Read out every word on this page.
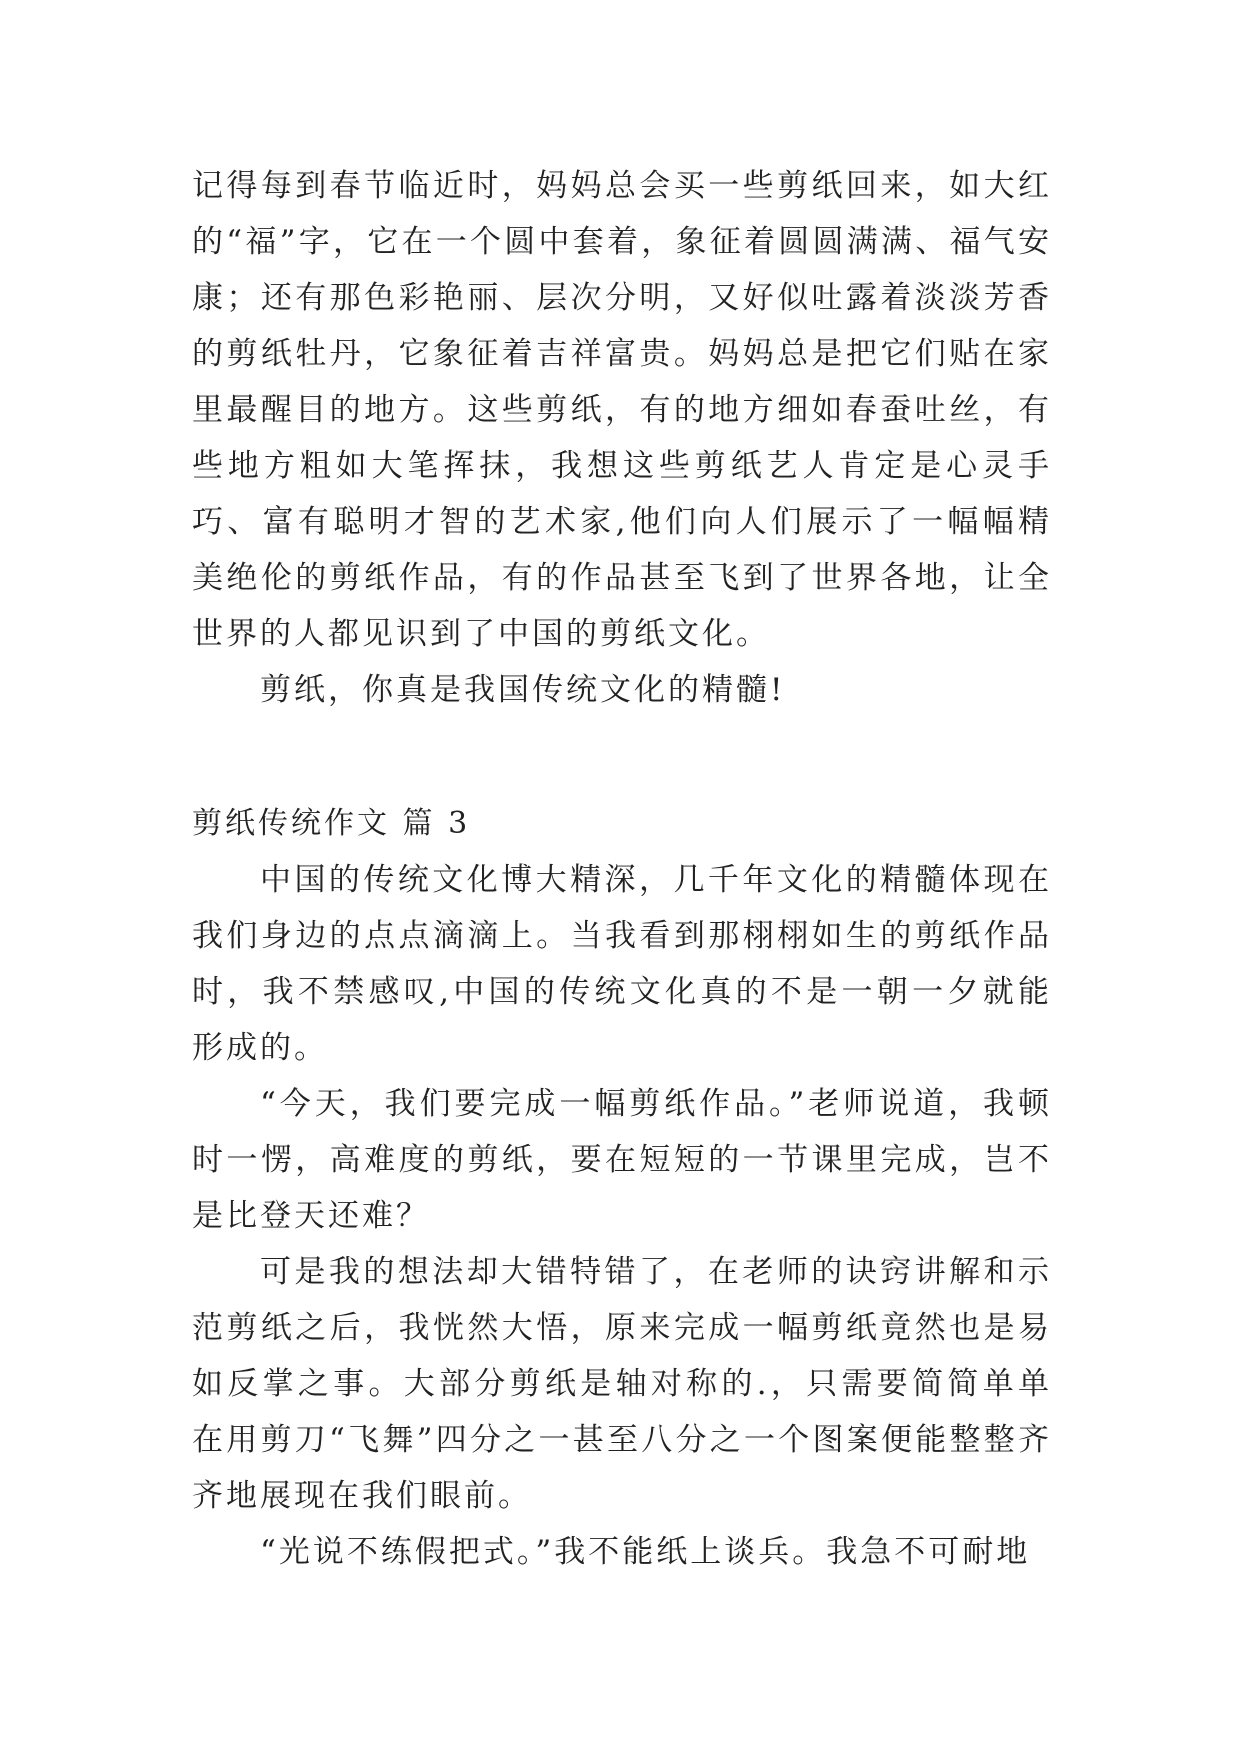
记得每到春节临近时，妈妈总会买一些剪纸回来，如大红的“福”字，它在一个圆中套着，象征着圆圆满满、福气安康；还有那色彩艳丽、层次分明，又好似吐露着淡淡芳香的剪纸牡丹，它象征着吉祥富贵。妈妈总是把它们贴在家里最醒目的地方。这些剪纸，有的地方细如春蚕吐丝，有些地方粗如大笔挥抹，我想这些剪纸艺人肯定是心灵手巧、富有聪明才智的艺术家,他们向人们展示了一幅幅精美绝伦的剪纸作品，有的作品甚至飞到了世界各地，让全世界的人都见识到了中国的剪纸文化。

剪纸，你真是我国传统文化的精髓!

剪纸传统作文 篇 3

中国的传统文化博大精深，几千年文化的精髓体现在我们身边的点点滴滴上。当我看到那栩栩如生的剪纸作品时，我不禁感叹,中国的传统文化真的不是一朝一夕就能形成的。

“今天，我们要完成一幅剪纸作品。”老师说道，我顿时一愣，高难度的剪纸，要在短短的一节课里完成，岂不是比登天还难？

可是我的想法却大错特错了，在老师的诀窍讲解和示范剪纸之后，我恍然大悟，原来完成一幅剪纸竟然也是易如反掌之事。大部分剪纸是轴对称的.，只需要简简单单在用剪刀“飞舞”四分之一甚至八分之一个图案便能整整齐齐地展现在我们眼前。

“光说不练假把式。”我不能纸上谈兵。我急不可耐地
